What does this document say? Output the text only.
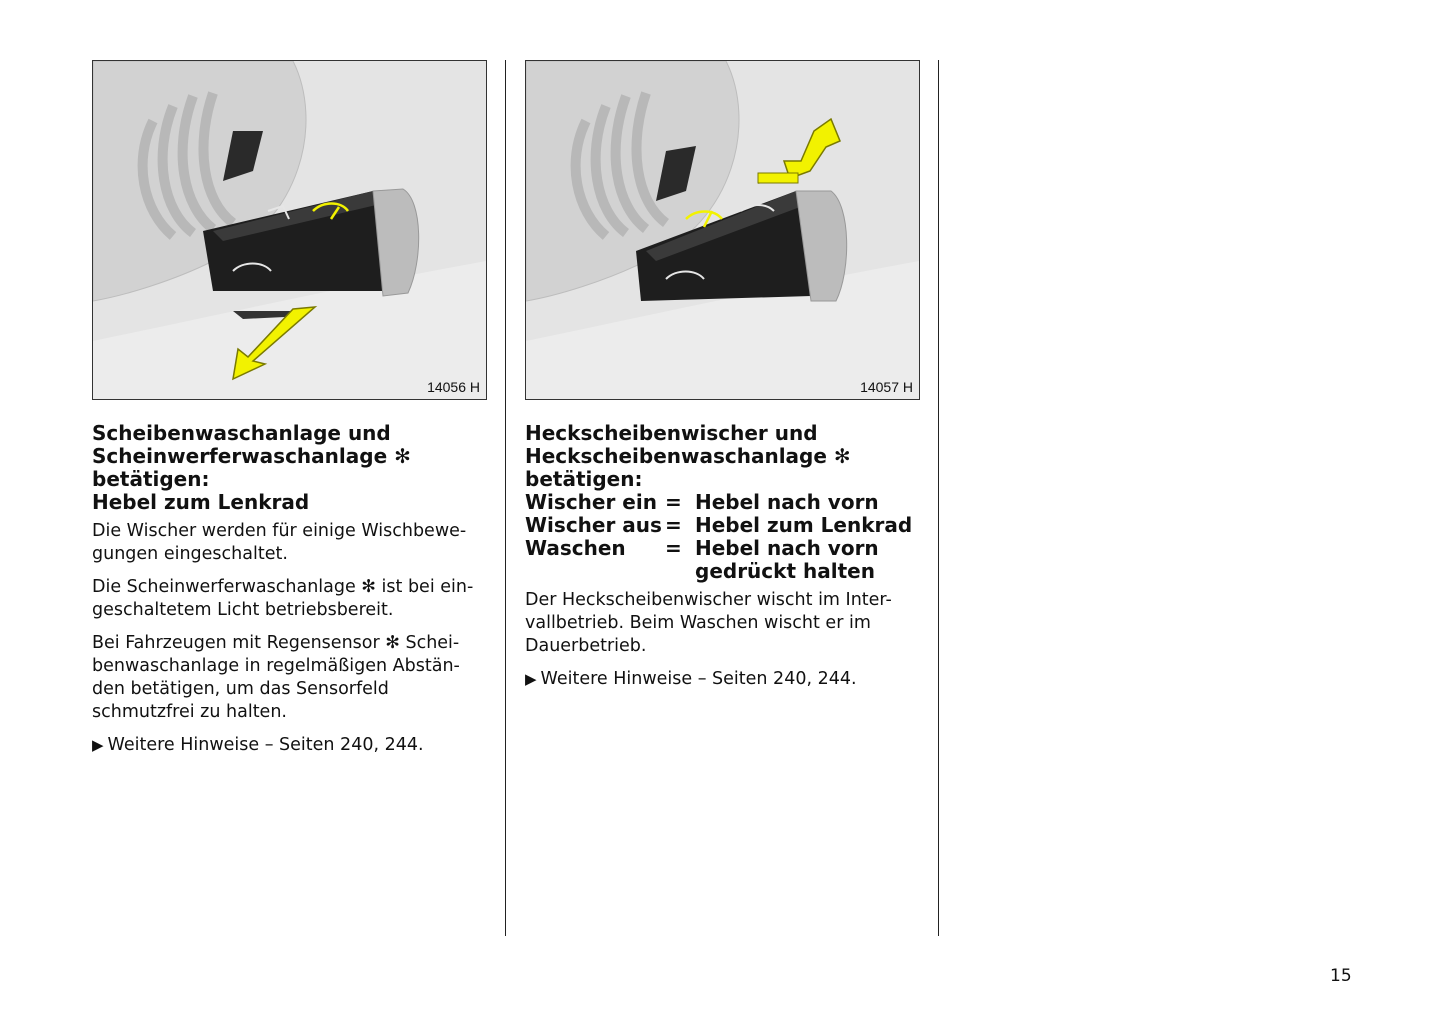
14056 H
Scheibenwaschanlage und
Scheinwerferwaschanlage ✻
betätigen:
Hebel zum Lenkrad
Die Wischer werden für einige Wischbewe-
gungen eingeschaltet.
Die Scheinwerferwaschanlage ✻ ist bei ein-
geschaltetem Licht betriebsbereit.
Bei Fahrzeugen mit Regensensor ✻ Schei-
benwaschanlage in regelmäßigen Abstän-
den betätigen, um das Sensorfeld
schmutzfrei zu halten.
▶ Weitere Hinweise – Seiten 240, 244.
14057 H
Heckscheibenwischer und
Heckscheibenwaschanlage ✻
betätigen:
Wischer ein = Hebel nach vorn
Wischer aus = Hebel zum Lenkrad
Waschen	= Hebel nach vorn
gedrückt halten
Der Heckscheibenwischer wischt im Inter-
vallbetrieb. Beim Waschen wischt er im
Dauerbetrieb.
▶ Weitere Hinweise – Seiten 240, 244.
15
